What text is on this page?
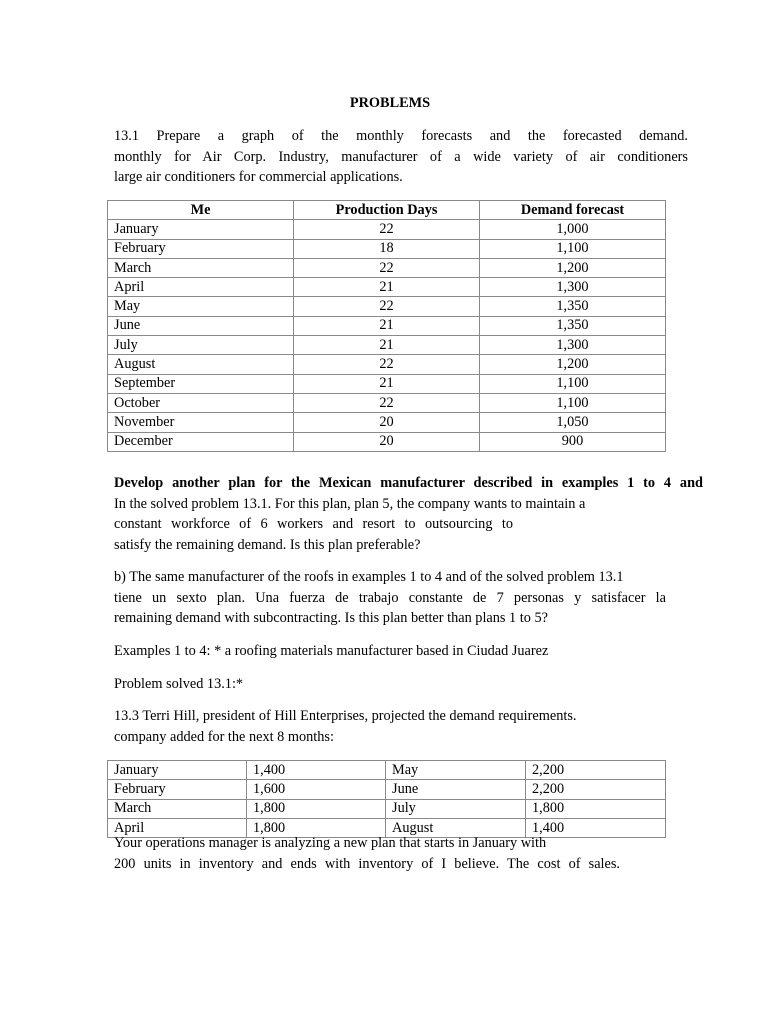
PROBLEMS
13.1 Prepare a graph of the monthly forecasts and the forecasted demand.
monthly for Air Corp. Industry, manufacturer of a wide variety of air conditioners
large air conditioners for commercial applications.
Me	Production Days	Demand forecast
January	22	1,000
February	18	1,100
March	22	1,200
April	21	1,300
May	22	1,350
June	21	1,350
July	21	1,300
August	22	1,200
September	21	1,100
October	22	1,100
November	20	1,050
December	20	900
Develop another plan for the Mexican manufacturer described in examples 1 to 4 and
In the solved problem 13.1. For this plan, plan 5, the company wants to maintain a
constant workforce of 6 workers and resort to outsourcing to
satisfy the remaining demand. Is this plan preferable?
b) The same manufacturer of the roofs in examples 1 to 4 and of the solved problem 13.1
tiene un sexto plan. Una fuerza de trabajo constante de 7 personas y satisfacer la
remaining demand with subcontracting. Is this plan better than plans 1 to 5?
Examples 1 to 4: * a roofing materials manufacturer based in Ciudad Juarez
Problem solved 13.1:*
13.3 Terri Hill, president of Hill Enterprises, projected the demand requirements.
company added for the next 8 months:
January	1,400	May	2,200
February	1,600	June	2,200
March	1,800	July	1,800
April	1,800	August	1,400
Your operations manager is analyzing a new plan that starts in January with
200 units in inventory and ends with inventory of I believe. The cost of sales.
